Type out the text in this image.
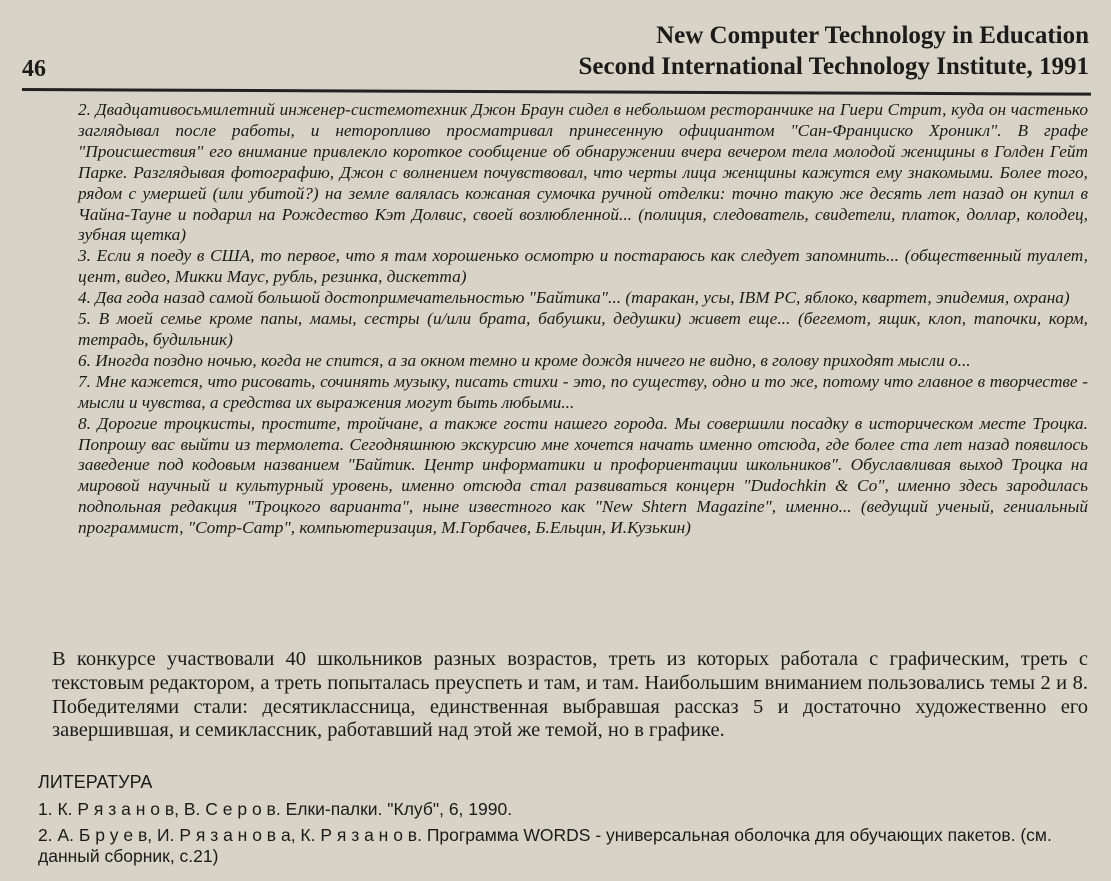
New Computer Technology in Education
Second International Technology Institute, 1991
46

2. Двадцативосьмилетний инженер-системотехник Джон Браун сидел в небольшом ресторанчике на Гиери Стрит, куда он частенько заглядывал после работы, и неторопливо просматривал принесенную официантом "Сан-Франциско Хроникл". В графе "Происшествия" его внимание привлекло короткое сообщение об обнаружении вчера вечером тела молодой женщины в Голден Гейт Парке. Разглядывая фотографию, Джон с волнением почувствовал, что черты лица женщины кажутся ему знакомыми. Более того, рядом с умершей (или убитой?) на земле валялась кожаная сумочка ручной отделки: точно такую же десять лет назад он купил в Чайна-Тауне и подарил на Рождество Кэт Долвис, своей возлюбленной... (полиция, следователь, свидетели, платок, доллар, колодец, зубная щетка)

3. Если я поеду в США, то первое, что я там хорошенько осмотрю и постараюсь как следует запомнить... (общественный туалет, цент, видео, Микки Маус, рубль, резинка, дискетта)

4. Два года назад самой большой достопримечательностью "Байтика"... (таракан, усы, IBM PC, яблоко, квартет, эпидемия, охрана)

5. В моей семье кроме папы, мамы, сестры (и/или брата, бабушки, дедушки) живет еще... (бегемот, ящик, клоп, тапочки, корм, тетрадь, будильник)

6. Иногда поздно ночью, когда не спится, а за окном темно и кроме дождя ничего не видно, в голову приходят мысли о...

7. Мне кажется, что рисовать, сочинять музыку, писать стихи - это, по существу, одно и то же, потому что главное в творчестве - мысли и чувства, а средства их выражения могут быть любыми...

8. Дорогие троцкисты, простите, тройчане, а также гости нашего города. Мы совершили посадку в историческом месте Троцка. Попрошу вас выйти из термолета. Сегодняшнюю экскурсию мне хочется начать именно отсюда, где более ста лет назад появилось заведение под кодовым названием "Байтик. Центр информатики и профориентации школьников". Обуславливая выход Троцка на мировой научный и культурный уровень, именно отсюда стал развиваться концерн "Dudochkin & Co", именно здесь зародилась подпольная редакция "Троцкого варианта", ныне известного как "New Shtern Magazine", именно... (ведущий ученый, гениальный программист, "Comp-Camp", компьютеризация, М.Горбачев, Б.Ельцин, И.Кузькин)

В конкурсе участвовали 40 школьников разных возрастов, треть из которых работала с графическим, треть с текстовым редактором, а треть попыталась преуспеть и там, и там. Наибольшим вниманием пользовались темы 2 и 8. Победителями стали: десятиклассница, единственная выбравшая рассказ 5 и достаточно художественно его завершившая, и семиклассник, работавший над этой же темой, но в графике.

ЛИТЕРАТУРА

1. К. Р я з а н о в, В. С е р о в. Елки-палки. "Клуб", 6, 1990.

2. А. Б р у е в, И. Р я з а н о в а, К. Р я з а н о в. Программа WORDS - универсальная оболочка для обучающих пакетов. (см. данный сборник, с.21)
